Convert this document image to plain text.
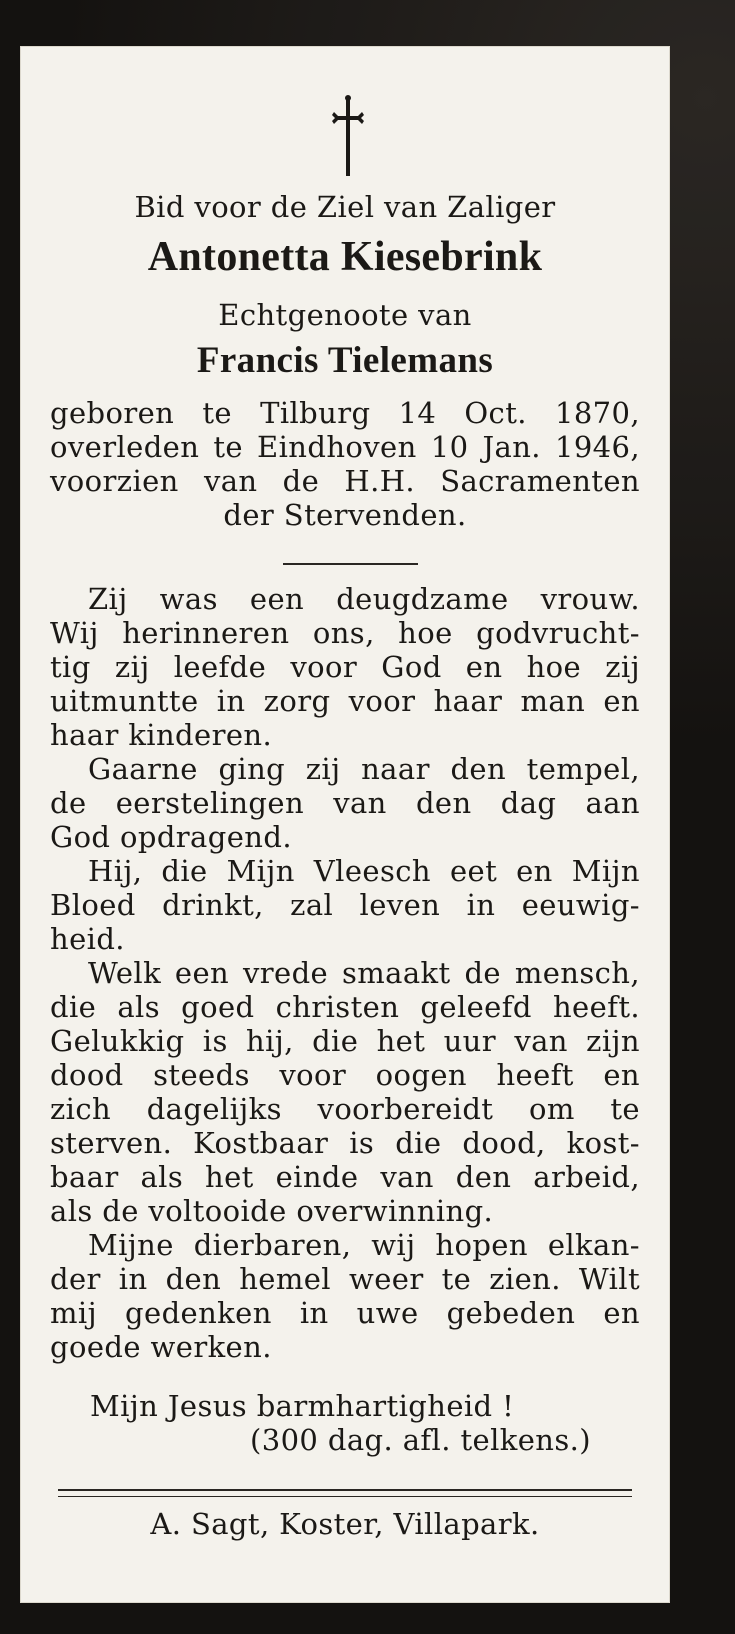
Bid voor de Ziel van Zaliger
Antonetta Kiesebrink
Echtgenoote van
Francis Tielemans
geboren te Tilburg 14 Oct. 1870,
overleden te Eindhoven 10 Jan. 1946,
voorzien van de H.H. Sacramenten
der Stervenden.
Zij was een deugdzame vrouw.
Wij herinneren ons, hoe godvrucht-
tig zij leefde voor God en hoe zij
uitmuntte in zorg voor haar man en
haar kinderen.
Gaarne ging zij naar den tempel,
de eerstelingen van den dag aan
God opdragend.
Hij, die Mijn Vleesch eet en Mijn
Bloed drinkt, zal leven in eeuwig-
heid.
Welk een vrede smaakt de mensch,
die als goed christen geleefd heeft.
Gelukkig is hij, die het uur van zijn
dood steeds voor oogen heeft en
zich dagelijks voorbereidt om te
sterven. Kostbaar is die dood, kost-
baar als het einde van den arbeid,
als de voltooide overwinning.
Mijne dierbaren, wij hopen elkan-
der in den hemel weer te zien. Wilt
mij gedenken in uwe gebeden en
goede werken.
Mijn Jesus barmhartigheid !
(300 dag. afl. telkens.)
A. Sagt, Koster, Villapark.
